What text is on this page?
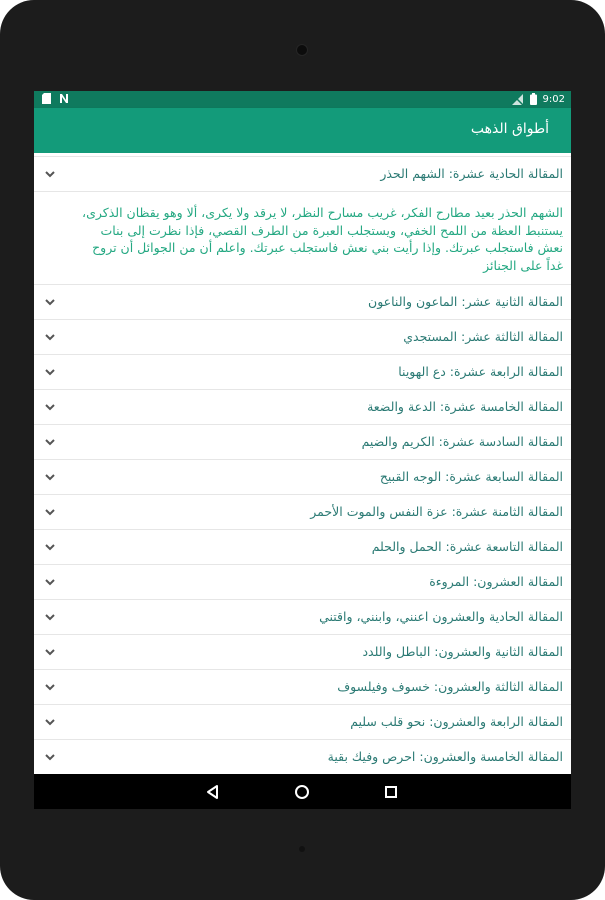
9:02
أطواق الذهب
المقالة الحادية عشرة: الشهم الحذر
الشهم الحذر بعيد مطارح الفكر، غريب مسارح النظر، لا يرقد ولا يكرى، ألا وهو يقظان الذكرى، يستنبط العظة من اللمح الخفي، ويستجلب العبرة من الطرف القصي، فإذا نظرت إلى بنات نعش فاستجلب عبرتك. وإذا رأيت بني نعش فاستجلب عبرتك. واعلم أن من الجوائل أن تروح غداً على الجنائز
المقالة الثانية عشر: الماعون والناعون
المقالة الثالثة عشر: المستجدي
المقالة الرابعة عشرة: دع الهوينا
المقالة الخامسة عشرة: الدعة والضعة
المقالة السادسة عشرة: الكريم والضيم
المقالة السابعة عشرة: الوجه القبيح
المقالة الثامنة عشرة: عزة النفس والموت الأحمر
المقالة التاسعة عشرة: الحمل والحلم
المقالة العشرون: المروءة
المقالة الحادية والعشرون اعنني، وابنني، واقتني
المقالة الثانية والعشرون: الباطل واللدد
المقالة الثالثة والعشرون: خسوف وفيلسوف
المقالة الرابعة والعشرون: نحو قلب سليم
المقالة الخامسة والعشرون: احرص وفيك بقية
